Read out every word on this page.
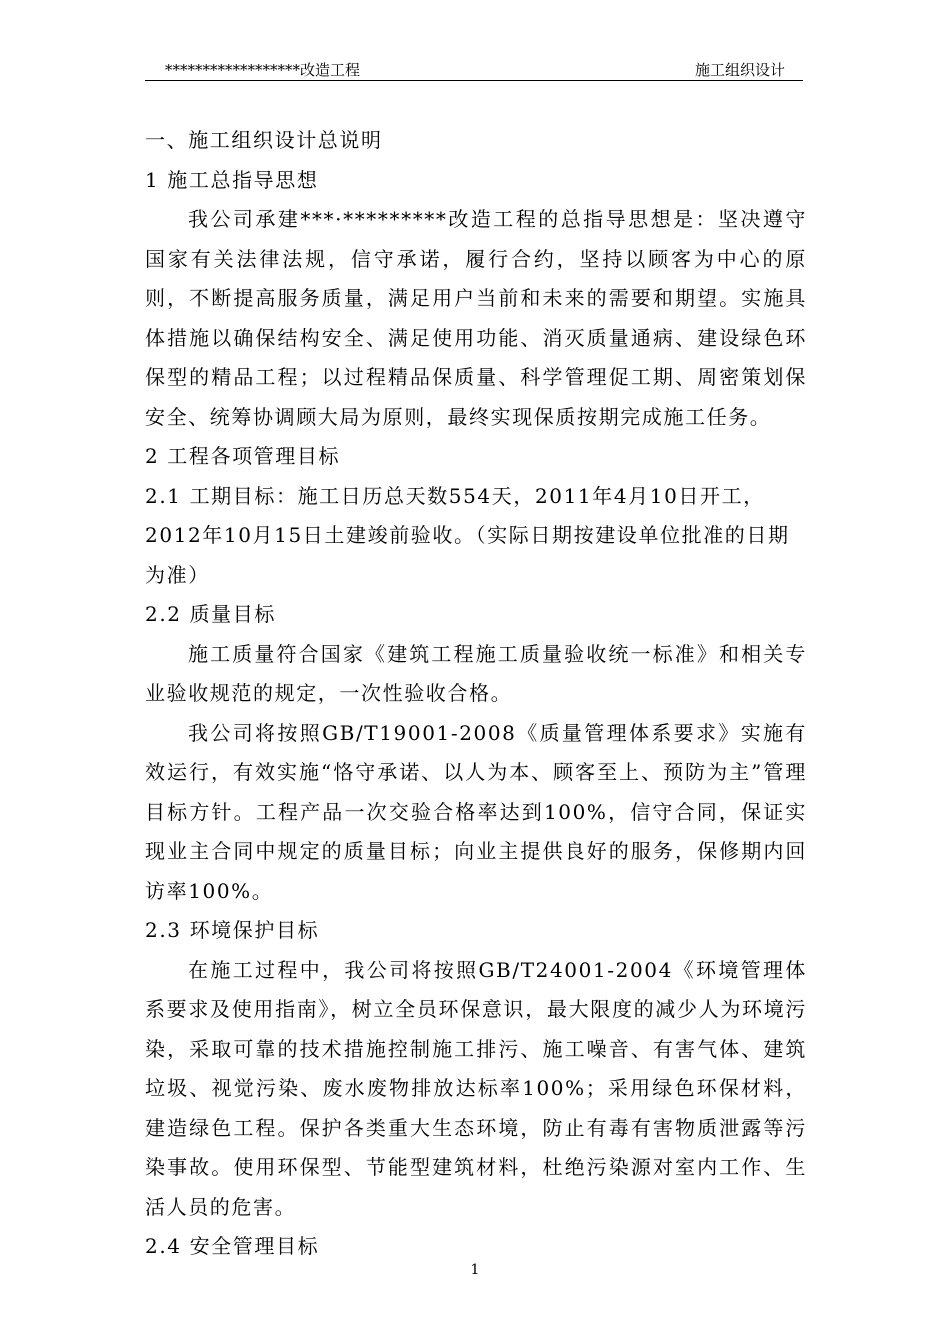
******************改造工程	施工组织设计

一、施工组织设计总说明

1 施工总指导思想

我公司承建***·*********改造工程的总指导思想是：坚决遵守国家有关法律法规，信守承诺，履行合约，坚持以顾客为中心的原则，不断提高服务质量，满足用户当前和未来的需要和期望。实施具体措施以确保结构安全、满足使用功能、消灭质量通病、建设绿色环保型的精品工程；以过程精品保质量、科学管理促工期、周密策划保安全、统筹协调顾大局为原则，最终实现保质按期完成施工任务。

2 工程各项管理目标

2.1 工期目标：施工日历总天数554天，2011年4月10日开工，2012年10月15日土建竣前验收。（实际日期按建设单位批准的日期为准）

2.2 质量目标

施工质量符合国家《建筑工程施工质量验收统一标准》和相关专业验收规范的规定，一次性验收合格。

我公司将按照GB/T19001-2008《质量管理体系要求》实施有效运行，有效实施“恪守承诺、以人为本、顾客至上、预防为主”管理目标方针。工程产品一次交验合格率达到100%，信守合同，保证实现业主合同中规定的质量目标；向业主提供良好的服务，保修期内回访率100%。

2.3 环境保护目标

在施工过程中，我公司将按照GB/T24001-2004《环境管理体系要求及使用指南》，树立全员环保意识，最大限度的减少人为环境污染，采取可靠的技术措施控制施工排污、施工噪音、有害气体、建筑垃圾、视觉污染、废水废物排放达标率100%；采用绿色环保材料，建造绿色工程。保护各类重大生态环境，防止有毒有害物质泄露等污染事故。使用环保型、节能型建筑材料，杜绝污染源对室内工作、生活人员的危害。

2.4 安全管理目标

1
